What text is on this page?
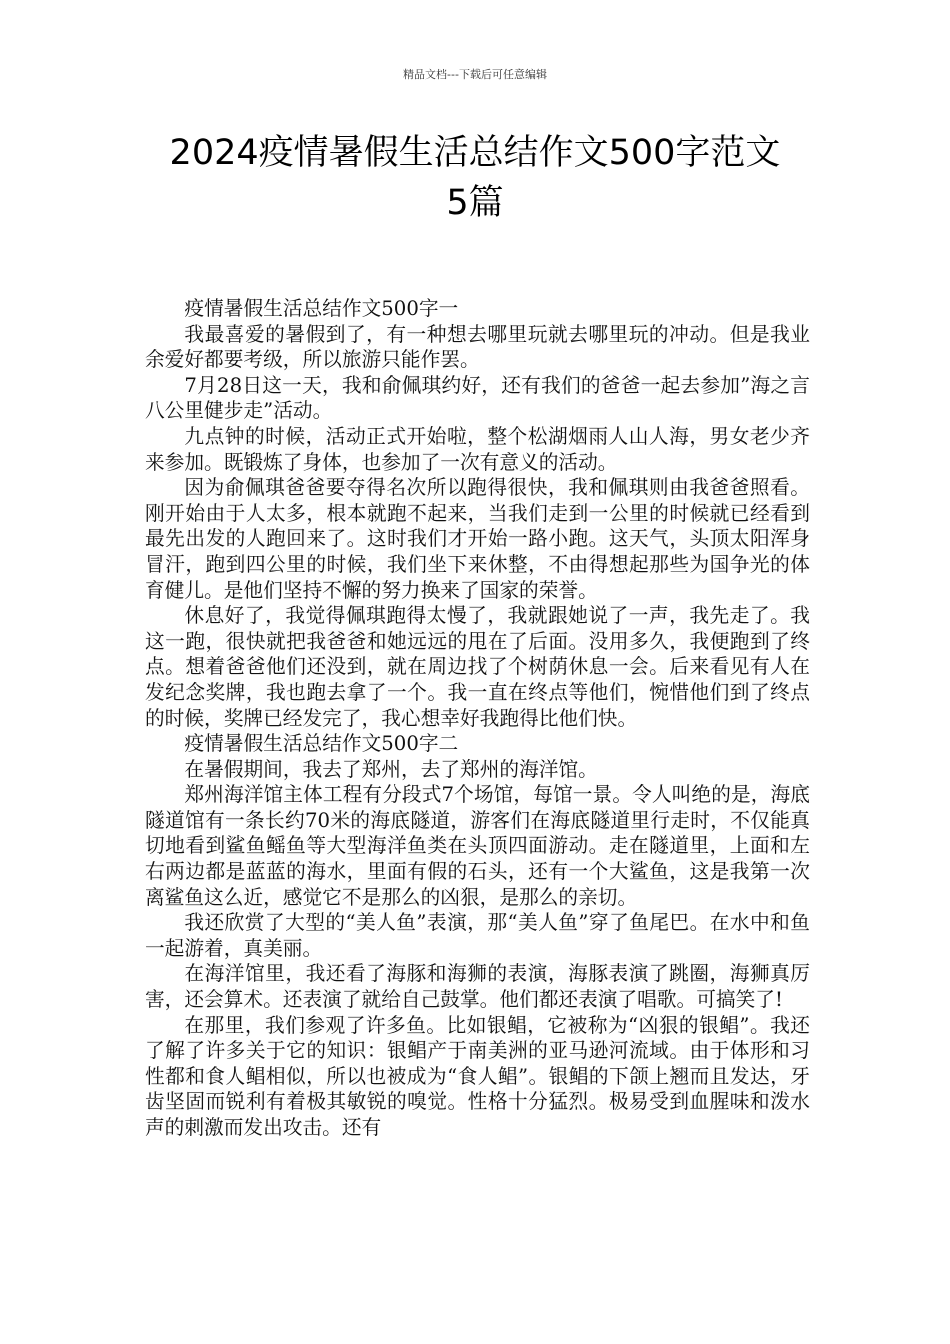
精品文档---下载后可任意编辑
2024疫情暑假生活总结作文500字范文
5篇

疫情暑假生活总结作文500字一

我最喜爱的暑假到了，有一种想去哪里玩就去哪里玩的冲动。但是我业余爱好都要考级，所以旅游只能作罢。

7月28日这一天，我和俞佩琪约好，还有我们的爸爸一起去参加”海之言八公里健步走”活动。

九点钟的时候，活动正式开始啦，整个松湖烟雨人山人海，男女老少齐来参加。既锻炼了身体，也参加了一次有意义的活动。

因为俞佩琪爸爸要夺得名次所以跑得很快，我和佩琪则由我爸爸照看。刚开始由于人太多，根本就跑不起来，当我们走到一公里的时候就已经看到最先出发的人跑回来了。这时我们才开始一路小跑。这天气，头顶太阳浑身冒汗，跑到四公里的时候，我们坐下来休整，不由得想起那些为国争光的体育健儿。是他们坚持不懈的努力换来了国家的荣誉。

休息好了，我觉得佩琪跑得太慢了，我就跟她说了一声，我先走了。我这一跑，很快就把我爸爸和她远远的甩在了后面。没用多久，我便跑到了终点。想着爸爸他们还没到，就在周边找了个树荫休息一会。后来看见有人在发纪念奖牌，我也跑去拿了一个。我一直在终点等他们，惋惜他们到了终点的时候，奖牌已经发完了，我心想幸好我跑得比他们快。

疫情暑假生活总结作文500字二

在暑假期间，我去了郑州，去了郑州的海洋馆。

郑州海洋馆主体工程有分段式7个场馆，每馆一景。令人叫绝的是，海底隧道馆有一条长约70米的海底隧道，游客们在海底隧道里行走时，不仅能真切地看到鲨鱼鳐鱼等大型海洋鱼类在头顶四面游动。走在隧道里，上面和左右两边都是蓝蓝的海水，里面有假的石头，还有一个大鲨鱼，这是我第一次离鲨鱼这么近，感觉它不是那么的凶狠，是那么的亲切。

我还欣赏了大型的“美人鱼”表演，那“美人鱼”穿了鱼尾巴。在水中和鱼一起游着，真美丽。

在海洋馆里，我还看了海豚和海狮的表演，海豚表演了跳圈，海狮真厉害，还会算术。还表演了就给自己鼓掌。他们都还表演了唱歌。可搞笑了!

在那里，我们参观了许多鱼。比如银鲳，它被称为“凶狠的银鲳”。我还了解了许多关于它的知识：银鲳产于南美洲的亚马逊河流域。由于体形和习性都和食人鲳相似，所以也被成为“食人鲳”。银鲳的下颌上翘而且发达，牙齿坚固而锐利有着极其敏锐的嗅觉。性格十分猛烈。极易受到血腥味和泼水声的刺激而发出攻击。还有
